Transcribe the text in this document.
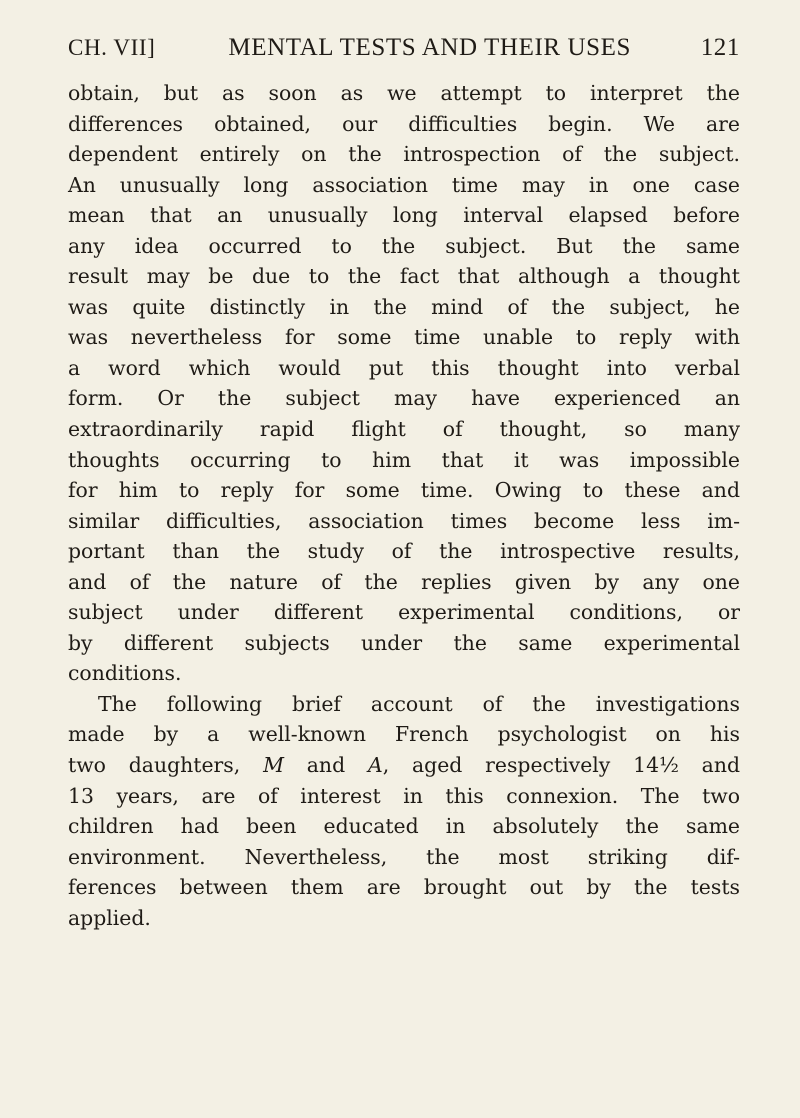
CH. VII]	MENTAL TESTS AND THEIR USES	121
obtain, but as soon as we attempt to interpret the
differences obtained, our difficulties begin. We are
dependent entirely on the introspection of the subject.
An unusually long association time may in one case
mean that an unusually long interval elapsed before
any idea occurred to the subject. But the same
result may be due to the fact that although a thought
was quite distinctly in the mind of the subject, he
was nevertheless for some time unable to reply with
a word which would put this thought into verbal
form. Or the subject may have experienced an
extraordinarily rapid flight of thought, so many
thoughts occurring to him that it was impossible
for him to reply for some time. Owing to these and
similar difficulties, association times become less im-
portant than the study of the introspective results,
and of the nature of the replies given by any one
subject under different experimental conditions, or
by different subjects under the same experimental
conditions.
The following brief account of the investigations
made by a well-known French psychologist on his
two daughters, M and A, aged respectively 14½ and
13 years, are of interest in this connexion. The two
children had been educated in absolutely the same
environment. Nevertheless, the most striking dif-
ferences between them are brought out by the tests
applied.
